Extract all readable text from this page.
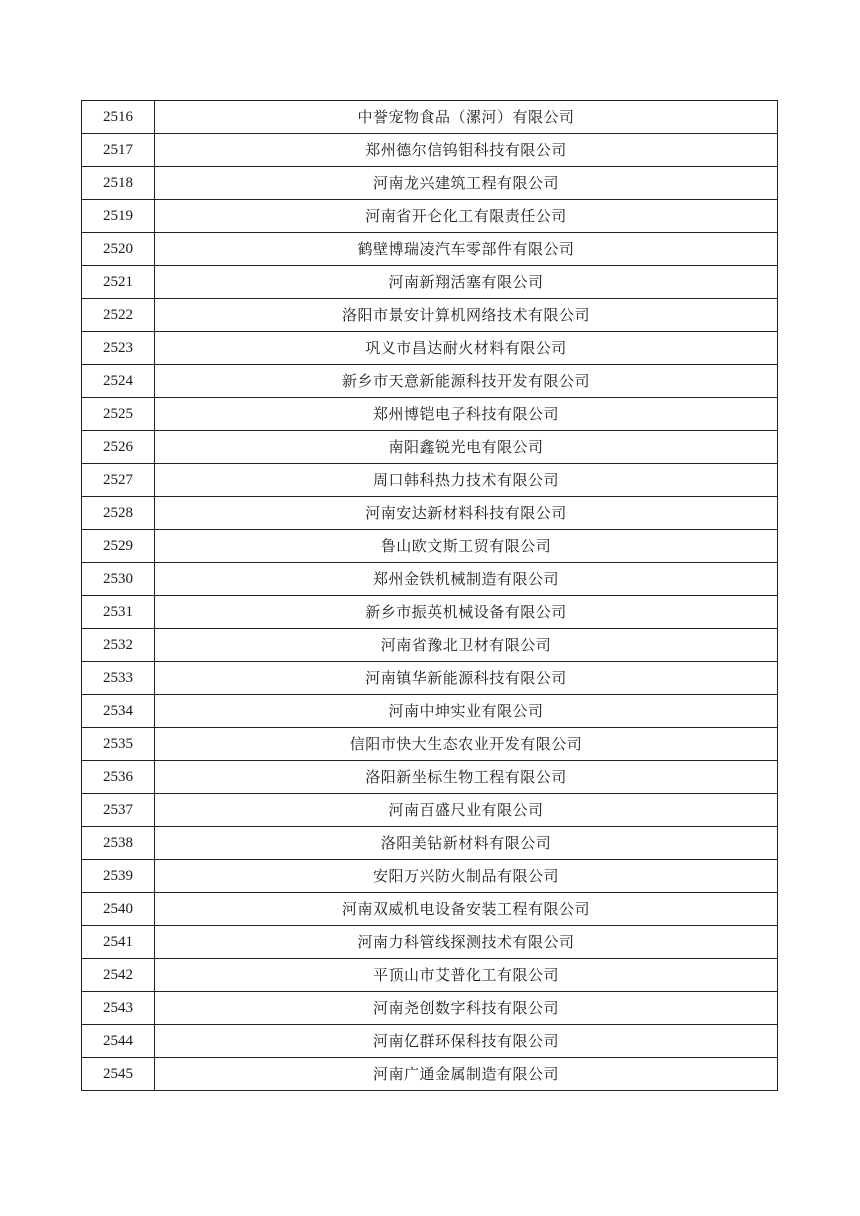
2516	中誉宠物食品（漯河）有限公司
2517	郑州德尔信钨钼科技有限公司
2518	河南龙兴建筑工程有限公司
2519	河南省开仑化工有限责任公司
2520	鹤壁博瑞凌汽车零部件有限公司
2521	河南新翔活塞有限公司
2522	洛阳市景安计算机网络技术有限公司
2523	巩义市昌达耐火材料有限公司
2524	新乡市天意新能源科技开发有限公司
2525	郑州博铠电子科技有限公司
2526	南阳鑫锐光电有限公司
2527	周口韩科热力技术有限公司
2528	河南安达新材料科技有限公司
2529	鲁山欧文斯工贸有限公司
2530	郑州金铁机械制造有限公司
2531	新乡市振英机械设备有限公司
2532	河南省豫北卫材有限公司
2533	河南镇华新能源科技有限公司
2534	河南中坤实业有限公司
2535	信阳市快大生态农业开发有限公司
2536	洛阳新坐标生物工程有限公司
2537	河南百盛尺业有限公司
2538	洛阳美钻新材料有限公司
2539	安阳万兴防火制品有限公司
2540	河南双威机电设备安装工程有限公司
2541	河南力科管线探测技术有限公司
2542	平顶山市艾普化工有限公司
2543	河南尧创数字科技有限公司
2544	河南亿群环保科技有限公司
2545	河南广通金属制造有限公司
